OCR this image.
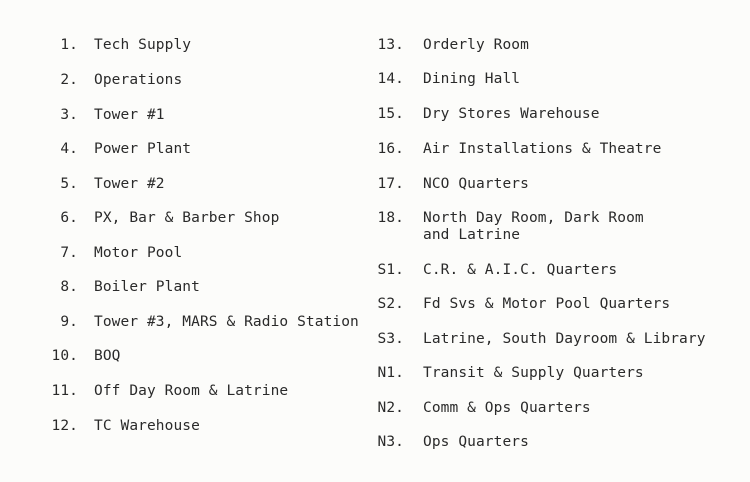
1.	Tech Supply
2.	Operations
3.	Tower #1
4.	Power Plant
5.	Tower #2
6.	PX, Bar & Barber Shop
7.	Motor Pool
8.	Boiler Plant
9.	Tower #3, MARS & Radio Station
10.	BOQ
11.	Off Day Room & Latrine
12.	TC Warehouse
13.	Orderly Room
14.	Dining Hall
15.	Dry Stores Warehouse
16.	Air Installations & Theatre
17.	NCO Quarters
18.	North Day Room, Dark Room
and Latrine
S1.	C.R. & A.I.C. Quarters
S2.	Fd Svs & Motor Pool Quarters
S3.	Latrine, South Dayroom & Library
N1.	Transit & Supply Quarters
N2.	Comm & Ops Quarters
N3.	Ops Quarters
